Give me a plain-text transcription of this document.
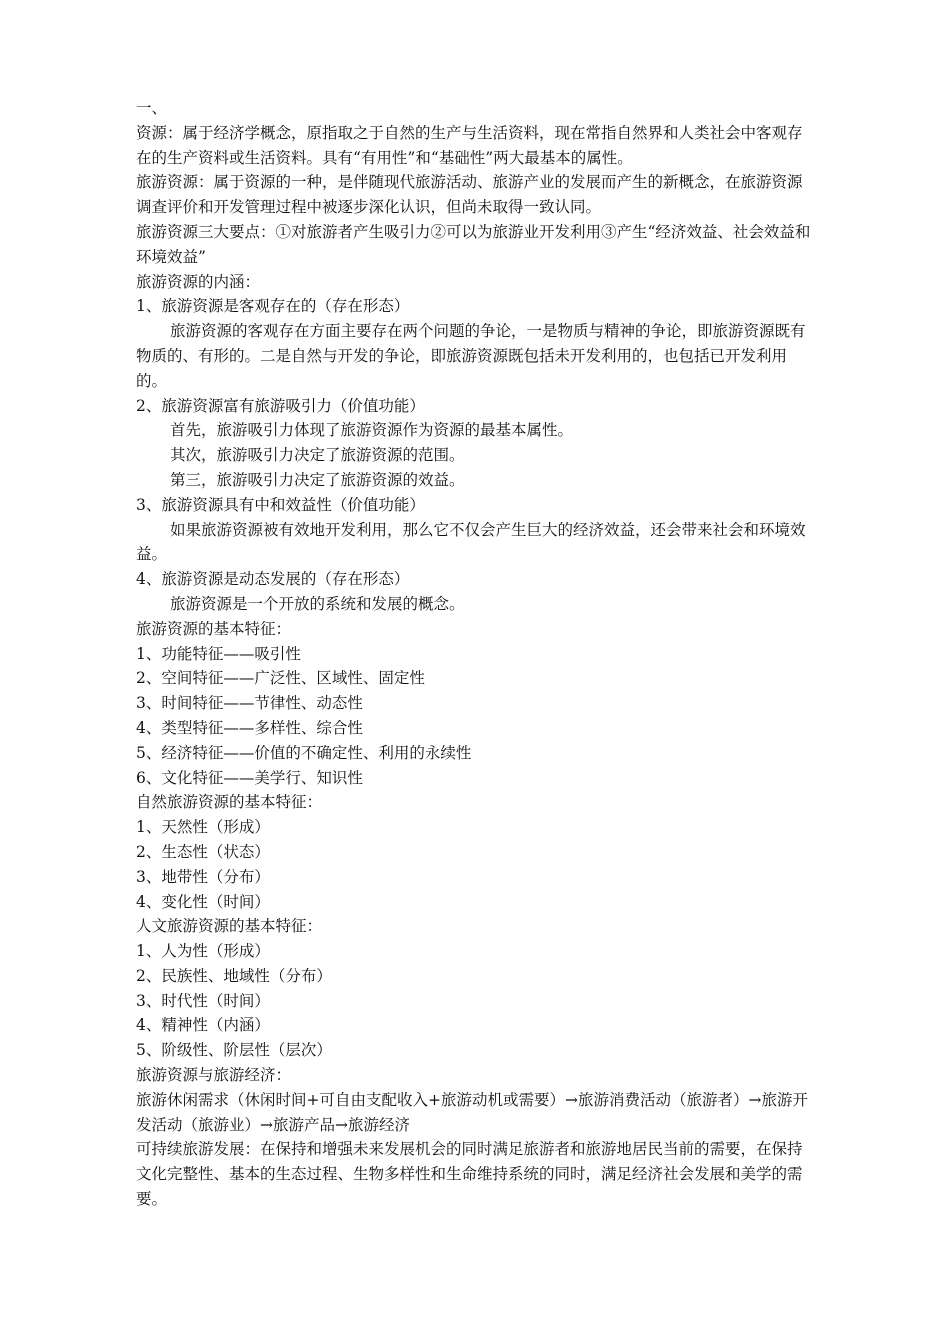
一、

资源：属于经济学概念，原指取之于自然的生产与生活资料，现在常指自然界和人类社会中客观存在的生产资料或生活资料。具有“有用性”和“基础性”两大最基本的属性。

旅游资源：属于资源的一种，是伴随现代旅游活动、旅游产业的发展而产生的新概念，在旅游资源调查评价和开发管理过程中被逐步深化认识，但尚未取得一致认同。

旅游资源三大要点：①对旅游者产生吸引力②可以为旅游业开发利用③产生“经济效益、社会效益和环境效益”

旅游资源的内涵：

1、旅游资源是客观存在的（存在形态）

旅游资源的客观存在方面主要存在两个问题的争论，一是物质与精神的争论，即旅游资源既有物质的、有形的。二是自然与开发的争论，即旅游资源既包括未开发利用的，也包括已开发利用的。

2、旅游资源富有旅游吸引力（价值功能）

首先，旅游吸引力体现了旅游资源作为资源的最基本属性。

其次，旅游吸引力决定了旅游资源的范围。

第三，旅游吸引力决定了旅游资源的效益。

3、旅游资源具有中和效益性（价值功能）

如果旅游资源被有效地开发利用，那么它不仅会产生巨大的经济效益，还会带来社会和环境效益。

4、旅游资源是动态发展的（存在形态）

旅游资源是一个开放的系统和发展的概念。

旅游资源的基本特征：

1、功能特征——吸引性

2、空间特征——广泛性、区域性、固定性

3、时间特征——节律性、动态性

4、类型特征——多样性、综合性

5、经济特征——价值的不确定性、利用的永续性

6、文化特征——美学行、知识性

自然旅游资源的基本特征：

1、天然性（形成）

2、生态性（状态）

3、地带性（分布）

4、变化性（时间）

人文旅游资源的基本特征：

1、人为性（形成）

2、民族性、地域性（分布）

3、时代性（时间）

4、精神性（内涵）

5、阶级性、阶层性（层次）

旅游资源与旅游经济：

旅游休闲需求（休闲时间+可自由支配收入+旅游动机或需要）→旅游消费活动（旅游者）→旅游开发活动（旅游业）→旅游产品→旅游经济

可持续旅游发展：在保持和增强未来发展机会的同时满足旅游者和旅游地居民当前的需要，在保持文化完整性、基本的生态过程、生物多样性和生命维持系统的同时，满足经济社会发展和美学的需要。
